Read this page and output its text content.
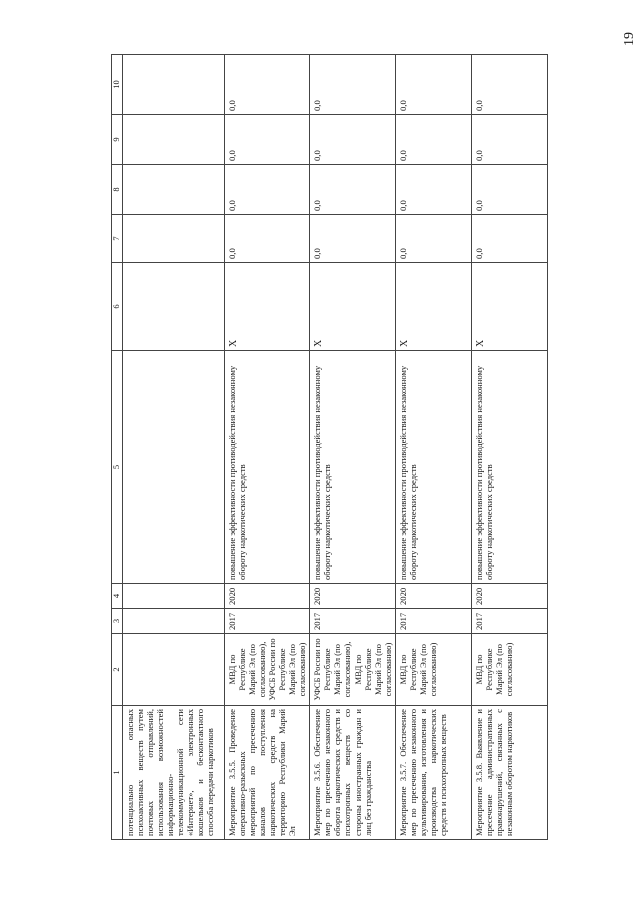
19
1	2	3	4	5	6	7	8	9	10
потенциально опасных психоактивных веществ путем почтовых отправлений, использования возможностей информационно-телекоммуникационной сети «Интернет», электронных кошельков и бесконтактного способа передачи наркотиков									
Мероприятие 3.5.5. Проведение оперативно-разыскных мероприятий по пресечению каналов поступления наркотических средств на территорию Республики Марий Эл	МВД по Республике Марий Эл (по согласованию), УФСБ России по Республике Марий Эл (по согласованию)	2017	2020	повышение эффективности противодействия незаконному обороту наркотических средств	X	0,0	0,0	0,0	0,0
Мероприятие 3.5.6. Обеспечение мер по пресечению незаконного оборота наркотических средств и психотропных веществ со стороны иностранных граждан и лиц без гражданства	УФСБ России по Республике Марий Эл (по согласованию), МВД по Республике Марий Эл (по согласованию)	2017	2020	повышение эффективности противодействия незаконному обороту наркотических средств	X	0,0	0,0	0,0	0,0
Мероприятие 3.5.7. Обеспечение мер по пресечению незаконного культивирования, изготовления и производства наркотических средств и психотропных веществ	МВД по Республике Марий Эл (по согласованию)	2017	2020	повышение эффективности противодействия незаконному обороту наркотических средств	X	0,0	0,0	0,0	0,0
Мероприятие 3.5.8. Выявление и пресечение административных правонарушений, связанных с незаконным оборотом наркотиков	МВД по Республике Марий Эл (по согласованию)	2017	2020	повышение эффективности противодействия незаконному обороту наркотических средств	X	0,0	0,0	0,0	0,0
